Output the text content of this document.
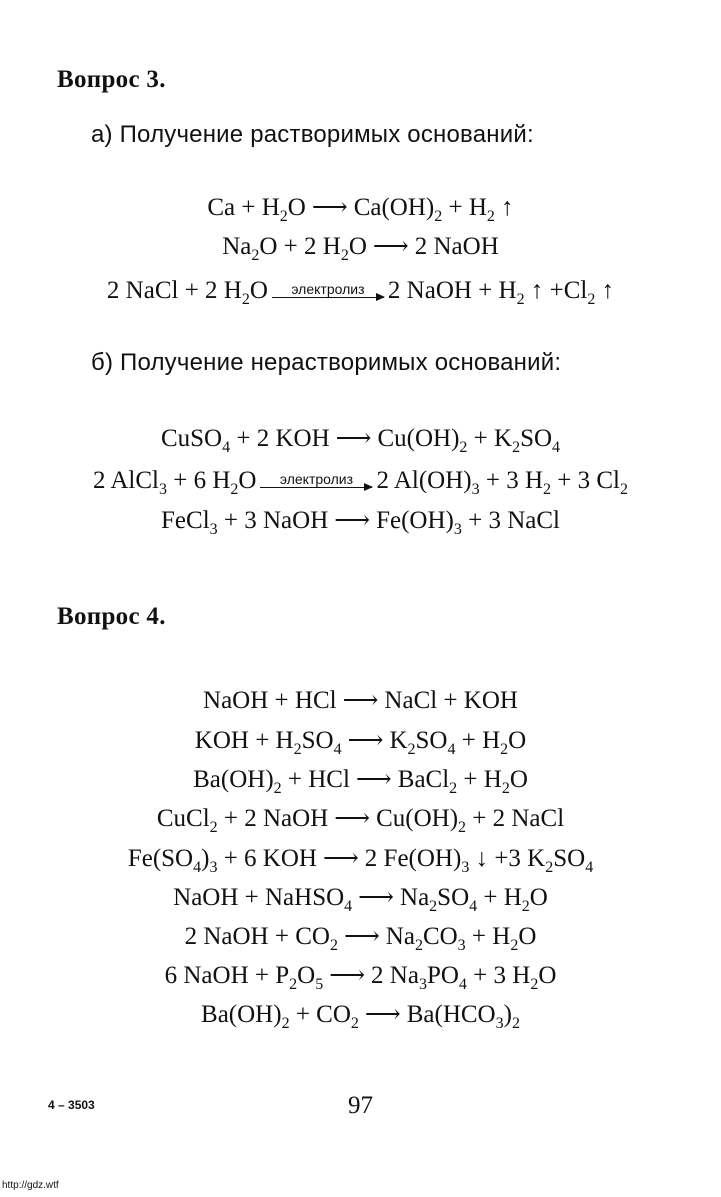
Вопрос 3.
а) Получение растворимых оснований:
$Ca + H_2O$ ⟶ $Ca(OH)_2 + H_2$ ↑
$Na_2O + 2$ $H_2O$ ⟶ 2 NaOH
2 NaCl + 2 $H_2O$ электролиз 2 NaOH + $H_2$ ↑ $+Cl_2$ ↑
б) Получение нерастворимых оснований:
CuSO$_4$ + 2 KOH ⟶ $Cu(OH)_2 + K_2SO_4$
2 AlCl$_3$ + 6 $H_2O$ электролиз 2 $Al(OH)_3 + 3$ $H_2 + 3$ $Cl_2$
FeCl$_3$ + 3 NaOH ⟶ $Fe(OH)_3 + 3$ NaCl
Вопрос 4.
NaOH + HCl ⟶ NaCl + KOH
KOH + $H_2SO_4$ ⟶ $K_2SO_4 + H_2O$
$Ba(OH)_2$ + HCl ⟶ BaCl$_2$ + $H_2O$
CuCl$_2$ + 2 NaOH ⟶ $Cu(OH)_2 + 2$ NaCl
$Fe(SO_4)_3 + 6$ KOH ⟶ 2 $Fe(OH)_3$ ↓ +3 $K_2SO_4$
NaOH + NaHSO$_4$ ⟶ $Na_2SO_4 + H_2O$
2 NaOH + $CO_2$ ⟶ $Na_2CO_3 + H_2O$
6 NaOH + $P_2O_5$ ⟶ 2 $Na_3PO_4 + 3$ $H_2O$
$Ba(OH)_2 + CO_2$ ⟶ $Ba(HCO_3)_2$
4 – 3503	97
http://gdz.wtf
